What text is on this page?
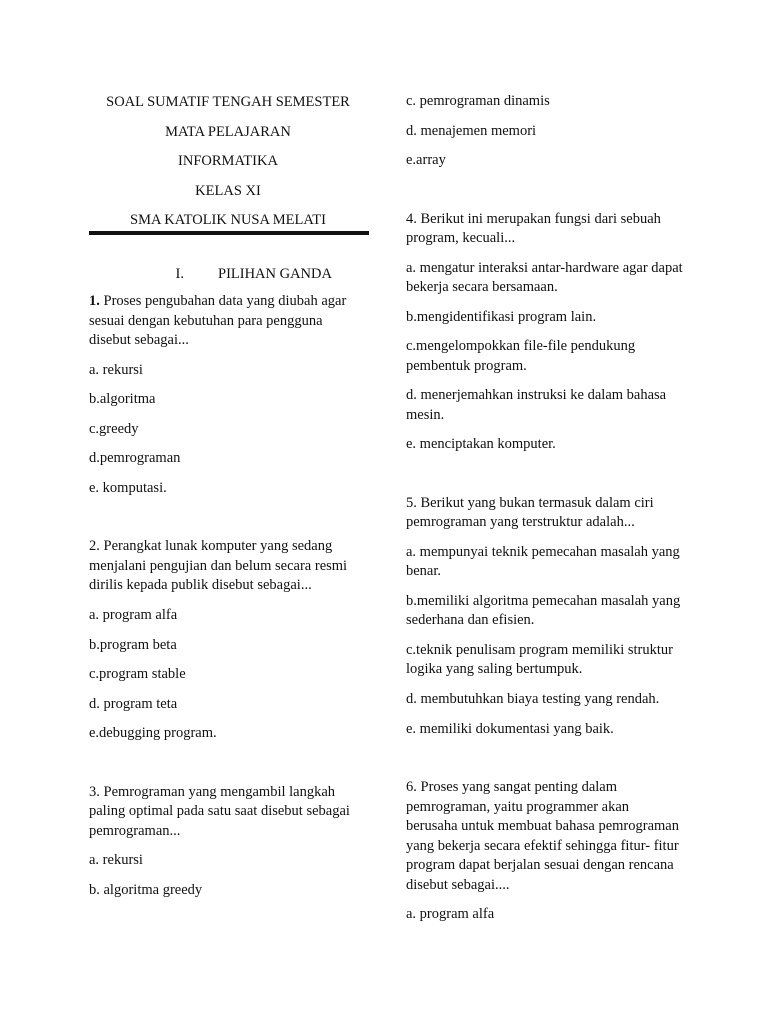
SOAL SUMATIF TENGAH SEMESTER

MATA PELAJARAN

INFORMATIKA

KELAS XI

SMA KATOLIK NUSA MELATI

I. PILIHAN GANDA

1. Proses pengubahan data yang diubah agar sesuai dengan kebutuhan para pengguna disebut sebagai...

a. rekursi

b.algoritma

c.greedy

d.pemrograman

e. komputasi.

2. Perangkat lunak komputer yang sedang menjalani pengujian dan belum secara resmi dirilis kepada publik disebut sebagai...

a. program alfa

b.program beta

c.program stable

d. program teta

e.debugging program.

3. Pemrograman yang mengambil langkah paling optimal pada satu saat disebut sebagai pemrograman...

a. rekursi

b. algoritma greedy

c. pemrograman dinamis

d. menajemen memori

e.array

4. Berikut ini merupakan fungsi dari sebuah program, kecuali...

a. mengatur interaksi antar-hardware agar dapat bekerja secara bersamaan.

b.mengidentifikasi program lain.

c.mengelompokkan file-file pendukung pembentuk program.

d. menerjemahkan instruksi ke dalam bahasa mesin.

e. menciptakan komputer.

5. Berikut yang bukan termasuk dalam ciri pemrograman yang terstruktur adalah...

a. mempunyai teknik pemecahan masalah yang benar.

b.memiliki algoritma pemecahan masalah yang sederhana dan efisien.

c.teknik penulisam program memiliki struktur logika yang saling bertumpuk.

d. membutuhkan biaya testing yang rendah.

e. memiliki dokumentasi yang baik.

6. Proses yang sangat penting dalam pemrograman, yaitu programmer akan berusaha untuk membuat bahasa pemrograman yang bekerja secara efektif sehingga fitur- fitur program dapat berjalan sesuai dengan rencana disebut sebagai....

a. program alfa
